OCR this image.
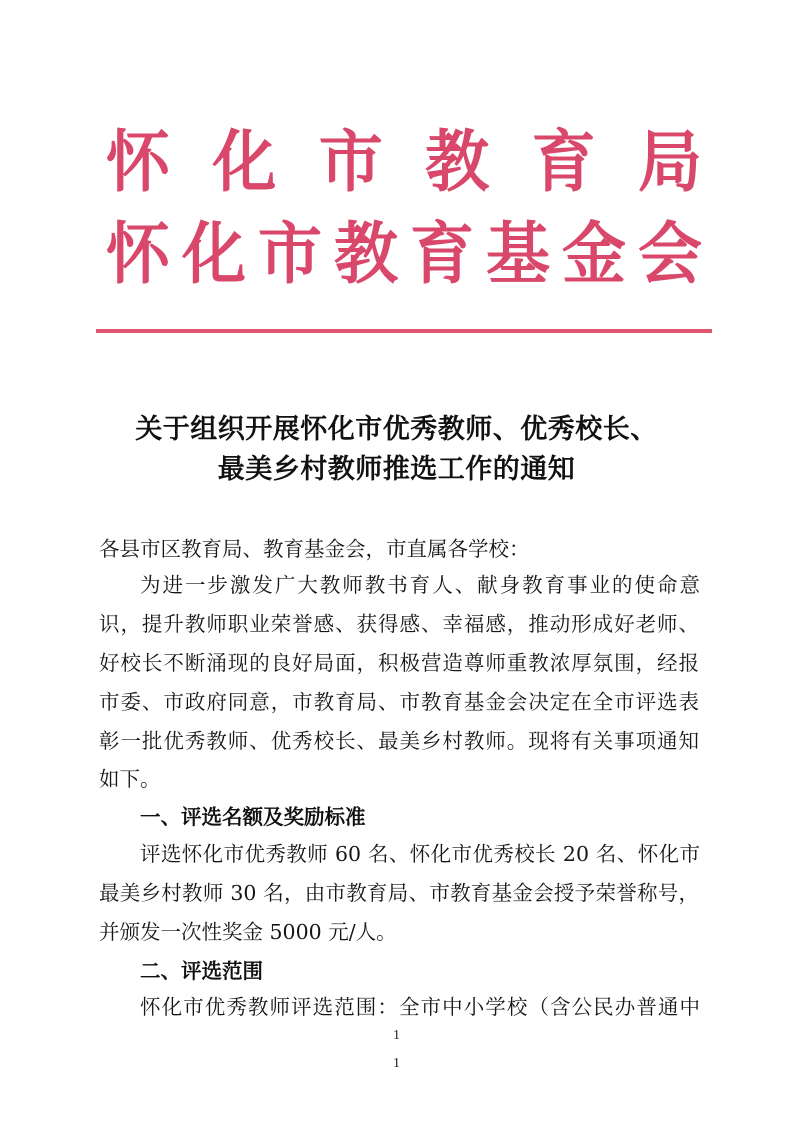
怀 化 市 教 育 局
怀 化 市 教 育 基 金 会
关于组织开展怀化市优秀教师、优秀校长、
最美乡村教师推选工作的通知
各县市区教育局、教育基金会，市直属各学校：
为进一步激发广大教师教书育人、献身教育事业的使命意
识，提升教师职业荣誉感、获得感、幸福感，推动形成好老师、
好校长不断涌现的良好局面，积极营造尊师重教浓厚氛围，经报
市委、市政府同意，市教育局、市教育基金会决定在全市评选表
彰一批优秀教师、优秀校长、最美乡村教师。现将有关事项通知
如下。
一、评选名额及奖励标准
评选怀化市优秀教师 60 名、怀化市优秀校长 20 名、怀化市
最美乡村教师 30 名，由市教育局、市教育基金会授予荣誉称号，
并颁发一次性奖金 5000 元/人。
二、评选范围
怀化市优秀教师评选范围：全市中小学校（含公民办普通中
1
1
